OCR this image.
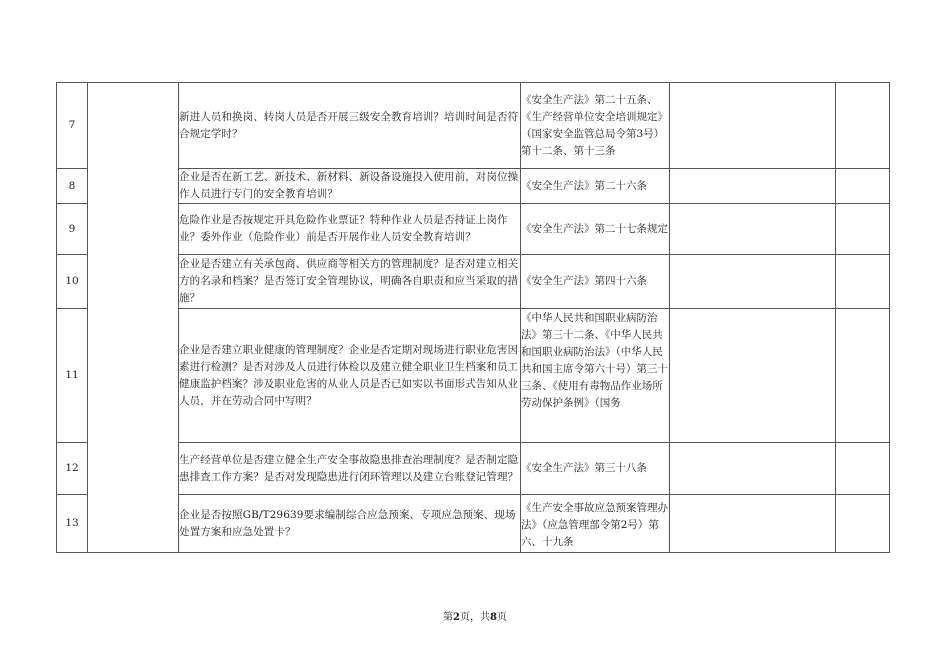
7		新进人员和换岗、转岗人员是否开展三级安全教育培训？培训时间是否符合规定学时？	《安全生产法》第二十五条、《生产经营单位安全培训规定》（国家安全监管总局令第3号）第十二条、第十三条		
8		企业是否在新工艺、新技术、新材料、新设备设施投入使用前，对岗位操作人员进行专门的安全教育培训？	《安全生产法》第二十六条		
9		危险作业是否按规定开具危险作业票证？特种作业人员是否持证上岗作业？委外作业（危险作业）前是否开展作业人员安全教育培训？	《安全生产法》第二十七条规定		
10		企业是否建立有关承包商、供应商等相关方的管理制度？是否对建立相关方的名录和档案？是否签订安全管理协议，明确各自职责和应当采取的措施？	《安全生产法》第四十六条		
11		企业是否建立职业健康的管理制度？企业是否定期对现场进行职业危害因素进行检测？是否对涉及人员进行体检以及建立健全职业卫生档案和员工健康监护档案？涉及职业危害的从业人员是否已如实以书面形式告知从业人员，并在劳动合同中写明？	《中华人民共和国职业病防治法》第三十二条、《中华人民共和国职业病防治法》（中华人民共和国主席令第六十号）第三十三条、《使用有毒物品作业场所劳动保护条例》（国务		

12		生产经营单位是否建立健全生产安全事故隐患排查治理制度？是否制定隐患排查工作方案？是否对发现隐患进行闭环管理以及建立台账登记管理？	《安全生产法》第三十八条		
13		企业是否按照GB/T29639要求编制综合应急预案、专项应急预案、现场处置方案和应急处置卡？	《生产安全事故应急预案管理办法》（应急管理部令第2号）第六、十九条		

第2页，共8页
